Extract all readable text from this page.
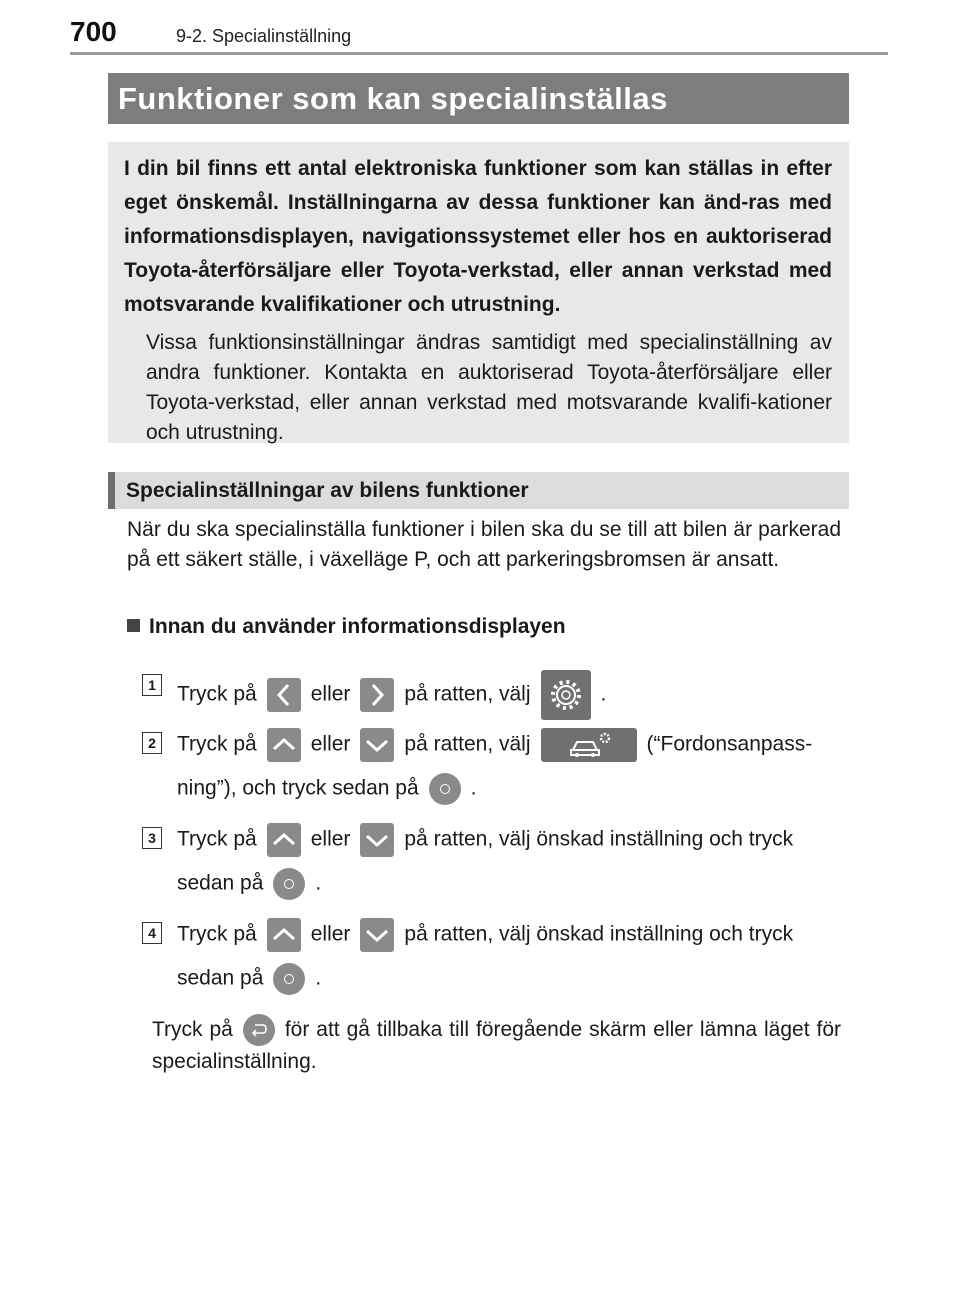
700	9-2. Specialinställning
Funktioner som kan specialinställas

I din bil finns ett antal elektroniska funktioner som kan ställas in efter eget önskemål. Inställningarna av dessa funktioner kan änd-ras med informationsdisplayen, navigationssystemet eller hos en auktoriserad Toyota-återförsäljare eller Toyota-verkstad, eller annan verkstad med motsvarande kvalifikationer och utrustning.

Vissa funktionsinställningar ändras samtidigt med specialinställning av andra funktioner. Kontakta en auktoriserad Toyota-återförsäljare eller Toyota-verkstad, eller annan verkstad med motsvarande kvalifi-kationer och utrustning.

Specialinställningar av bilens funktioner

När du ska specialinställa funktioner i bilen ska du se till att bilen är parkerad på ett säkert ställe, i växelläge P, och att parkeringsbromsen är ansatt.

Innan du använder informationsdisplayen
1 Tryck på	eller	på ratten, välj	.
2 Tryck på	eller	på ratten, välj	(“Fordonsanpass-
ning”), och tryck sedan på .
3 Tryck på	eller	på ratten, välj önskad inställning och tryck
sedan på .
4 Tryck på	eller	på ratten, välj önskad inställning och tryck
sedan på .
Tryck på för att gå tillbaka till föregående skärm eller lämna läget för specialinställning.
